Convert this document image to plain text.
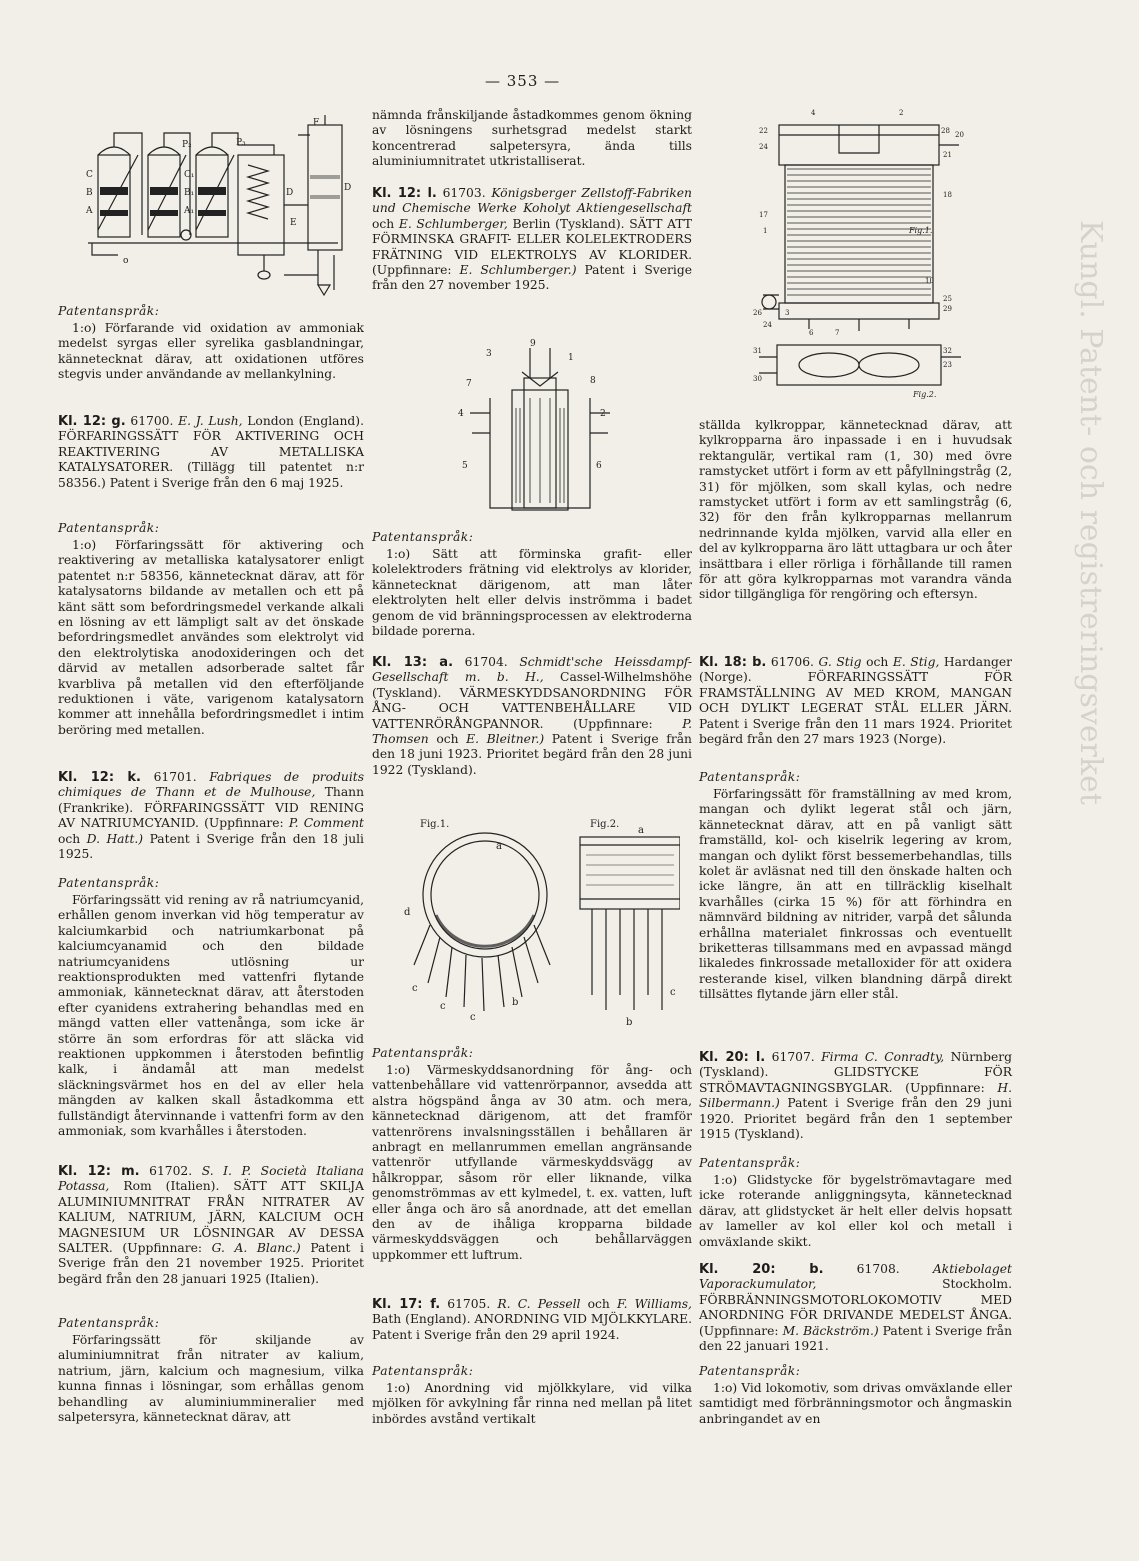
— 353 —
F
P₂	P₃
C	C₁
B	B₁
A	A₁
D
E
D
o

Patentanspråk:

1:o) Förfarande vid oxidation av ammoniak medelst syrgas eller syrelika gasblandningar, kännetecknat därav, att oxidationen utföres stegvis under användande av mellankylning.

Kl. 12: g. 61700. E. J. Lush, London (England). FÖRFARINGSSÄTT FÖR AKTIVERING OCH REAKTIVERING AV METALLISKA KATALYSATORER. (Tillägg till patentet n:r 58356.) Patent i Sverige från den 6 maj 1925.

Patentanspråk:

1:o) Förfaringssätt för aktivering och reaktivering av metalliska katalysatorer enligt patentet n:r 58356, kännetecknat därav, att för katalysatorns bildande av metallen och ett på känt sätt som befordringsmedel verkande alkali en lösning av ett lämpligt salt av det önskade befordringsmedlet användes som elektrolyt vid den elektrolytiska anodoxideringen och det därvid av metallen adsorberade saltet får kvarbliva på metallen vid den efterföljande reduktionen i väte, varigenom katalysatorn kommer att innehålla befordringsmedlet i intim beröring med metallen.

Kl. 12: k. 61701. Fabriques de produits chimiques de Thann et de Mulhouse, Thann (Frankrike). FÖRFARINGSSÄTT VID RENING AV NATRIUMCYANID. (Uppfinnare: P. Comment och D. Hatt.) Patent i Sverige från den 18 juli 1925.

Patentanspråk:

Förfaringssätt vid rening av rå natriumcyanid, erhållen genom inverkan vid hög temperatur av kalciumkarbid och natriumkarbonat på kalciumcyanamid och den bildade natriumcyanidens utlösning ur reaktionsprodukten med vattenfri flytande ammoniak, kännetecknat därav, att återstoden efter cyanidens extrahering behandlas med en mängd vatten eller vattenånga, som icke är större än som erfordras för att släcka vid reaktionen uppkommen i återstoden befintlig kalk, i ändamål att man medelst släckningsvärmet hos en del av eller hela mängden av kalken skall åstadkomma ett fullständigt återvinnande i vattenfri form av den ammoniak, som kvarhålles i återstoden.

Kl. 12: m. 61702. S. I. P. Società Italiana Potassa, Rom (Italien). SÄTT ATT SKILJA ALUMINIUMNITRAT FRÅN NITRATER AV KALIUM, NATRIUM, JÄRN, KALCIUM OCH MAGNESIUM UR LÖSNINGAR AV DESSA SALTER. (Uppfinnare: G. A. Blanc.) Patent i Sverige från den 21 november 1925. Prioritet begärd från den 28 januari 1925 (Italien).

Patentanspråk:

Förfaringssätt för skiljande av aluminiumnitrat från nitrater av kalium, natrium, järn, kalcium och magnesium, vilka kunna finnas i lösningar, som erhållas genom behandling av aluminiummineralier med salpetersyra, kännetecknat därav, att

nämnda frånskiljande åstadkommes genom ökning av lösningens surhetsgrad medelst starkt koncentrerad salpetersyra, ända tills aluminiumnitratet utkristalliserat.

Kl. 12: l. 61703. Königsberger Zellstoff-Fabriken und Chemische Werke Koholyt Aktiengesellschaft och E. Schlumberger, Berlin (Tyskland). SÄTT ATT FÖRMINSKA GRAFIT- ELLER KOLELEKTRODERS FRÄTNING VID ELEKTROLYS AV KLORIDER. (Uppfinnare: E. Schlumberger.) Patent i Sverige från den 27 november 1925.

9
3	1
7	8
4	2
5	6

Patentanspråk:

1:o) Sätt att förminska grafit- eller kolelektroders frätning vid elektrolys av klorider, kännetecknat därigenom, att man låter elektrolyten helt eller delvis inströmma i badet genom de vid bränningsprocessen av elektroderna bildade porerna.

Kl. 13: a. 61704. Schmidt'sche Heissdampf-Gesellschaft m. b. H., Cassel-Wilhelmshöhe (Tyskland). VÄRMESKYDDSANORDNING FÖR ÅNG- OCH VATTENBEHÅLLARE VID VATTENRÖRÅNGPANNOR. (Uppfinnare: P. Thomsen och E. Bleitner.) Patent i Sverige från den 18 juni 1923. Prioritet begärd från den 28 juni 1922 (Tyskland).

Fig.1.	Fig.2.
a
d
c
c
c
b
a
c
b

Patentanspråk:

1:o) Värmeskyddsanordning för ång- och vattenbehållare vid vattenrörpannor, avsedda att alstra högspänd ånga av 30 atm. och mera, kännetecknad därigenom, att det framför vattenrörens invalsningsställen i behållaren är anbragt en mellanrummen emellan angränsande vattenrör utfyllande värmeskyddsvägg av hålkroppar, såsom rör eller liknande, vilka genomströmmas av ett kylmedel, t. ex. vatten, luft eller ånga och äro så anordnade, att det emellan den av de ihåliga kropparna bildade värmeskyddsväggen och behållarväggen uppkommer ett luftrum.

Kl. 17: f. 61705. R. C. Pessell och F. Williams, Bath (England). ANORDNING VID MJÖLKKYLARE. Patent i Sverige från den 29 april 1924.

Patentanspråk:

1:o) Anordning vid mjölkkylare, vid vilka mjölken för avkylning får rinna ned mellan på litet inbördes avstånd vertikalt

4	2
22	28 20
24
21
18
17
1	Fig.1.
10
26	3
25
29
24
6	7
31	32
23
30
Fig.2.

ställda kylkroppar, kännetecknad därav, att kylkropparna äro inpassade i en i huvudsak rektangulär, vertikal ram (1, 30) med övre ramstycket utfört i form av ett påfyllningstråg (2, 31) för mjölken, som skall kylas, och nedre ramstycket utfört i form av ett samlingstråg (6, 32) för den från kylkropparnas mellanrum nedrinnande kylda mjölken, varvid alla eller en del av kylkropparna äro lätt uttagbara ur och åter insättbara i eller rörliga i förhållande till ramen för att göra kylkropparnas mot varandra vända sidor tillgängliga för rengöring och eftersyn.

Kl. 18: b. 61706. G. Stig och E. Stig, Hardanger (Norge). FÖRFARINGSSÄTT FÖR FRAMSTÄLLNING AV MED KROM, MANGAN OCH DYLIKT LEGERAT STÅL ELLER JÄRN. Patent i Sverige från den 11 mars 1924. Prioritet begärd från den 27 mars 1923 (Norge).

Patentanspråk:

Förfaringssätt för framställning av med krom, mangan och dylikt legerat stål och järn, kännetecknat därav, att en på vanligt sätt framställd, kol- och kiselrik legering av krom, mangan och dylikt först bessemerbehandlas, tills kolet är avläsnat ned till den önskade halten och icke längre, än att en tillräcklig kiselhalt kvarhålles (cirka 15 %) för att förhindra en nämnvärd bildning av nitrider, varpå det sålunda erhållna materialet finkrossas och eventuellt briketteras tillsammans med en avpassad mängd likaledes finkrossade metalloxider för att oxidera resterande kisel, vilken blandning därpå direkt tillsättes flytande järn eller stål.

Kl. 20: l. 61707. Firma C. Conradty, Nürnberg (Tyskland). GLIDSTYCKE FÖR STRÖMAVTAGNINGSBYGLAR. (Uppfinnare: H. Silbermann.) Patent i Sverige från den 29 juni 1920. Prioritet begärd från den 1 september 1915 (Tyskland).

Patentanspråk:

1:o) Glidstycke för bygelströmavtagare med icke roterande anliggningsyta, kännetecknad därav, att glidstycket är helt eller delvis hopsatt av lameller av kol eller kol och metall i omväxlande skikt.

Kl. 20: b. 61708. Aktiebolaget Vaporackumulator, Stockholm. FÖRBRÄNNINGSMOTORLOKOMOTIV MED ANORDNING FÖR DRIVANDE MEDELST ÅNGA. (Uppfinnare: M. Bäckström.) Patent i Sverige från den 22 januari 1921.

Patentanspråk:

1:o) Vid lokomotiv, som drivas omväxlande eller samtidigt med förbränningsmotor och ångmaskin anbringandet av en

Kungl. Patent- och registreringsverket
